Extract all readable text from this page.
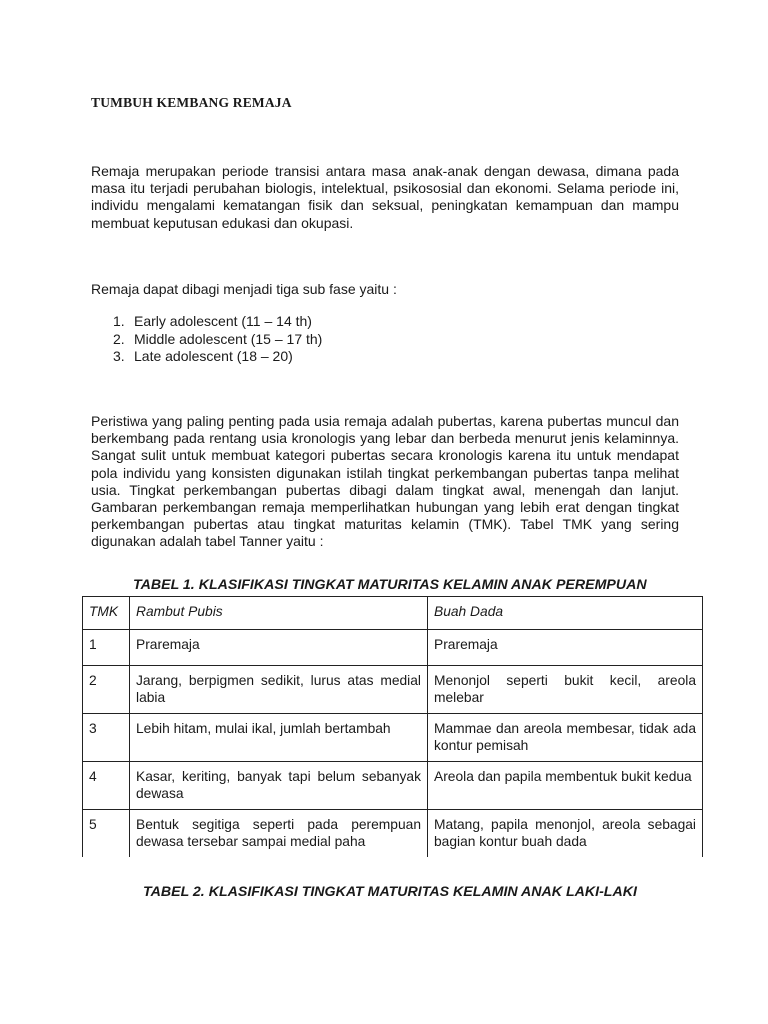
TUMBUH KEMBANG REMAJA

Remaja merupakan periode transisi antara masa anak-anak dengan dewasa, dimana pada masa itu terjadi perubahan biologis, intelektual, psikososial dan ekonomi. Selama periode ini, individu mengalami kematangan fisik dan seksual, peningkatan kemampuan dan mampu membuat keputusan edukasi dan okupasi.

Remaja dapat dibagi menjadi tiga sub fase yaitu :

1. Early adolescent (11 – 14 th)
2. Middle adolescent (15 – 17 th)
3. Late adolescent (18 – 20)

Peristiwa yang paling penting pada usia remaja adalah pubertas, karena pubertas muncul dan berkembang pada rentang usia kronologis yang lebar dan berbeda menurut jenis kelaminnya. Sangat sulit untuk membuat kategori pubertas secara kronologis karena itu untuk mendapat pola individu yang konsisten digunakan istilah tingkat perkembangan pubertas tanpa melihat usia. Tingkat perkembangan pubertas dibagi dalam tingkat awal, menengah dan lanjut. Gambaran perkembangan remaja memperlihatkan hubungan yang lebih erat dengan tingkat perkembangan pubertas atau tingkat maturitas kelamin (TMK). Tabel TMK yang sering digunakan adalah tabel Tanner yaitu :

TABEL 1. KLASIFIKASI TINGKAT MATURITAS KELAMIN ANAK PEREMPUAN

TMK	Rambut Pubis	Buah Dada
1	Praremaja	Praremaja
2	Jarang, berpigmen sedikit, lurus atas medial labia	Menonjol seperti bukit kecil, areola melebar
3	Lebih hitam, mulai ikal, jumlah bertambah	Mammae dan areola membesar, tidak ada kontur pemisah
4	Kasar, keriting, banyak tapi belum sebanyak dewasa	Areola dan papila membentuk bukit kedua
5	Bentuk segitiga seperti pada perempuan dewasa tersebar sampai medial paha	Matang, papila menonjol, areola sebagai bagian kontur buah dada

TABEL 2. KLASIFIKASI TINGKAT MATURITAS KELAMIN ANAK LAKI-LAKI
